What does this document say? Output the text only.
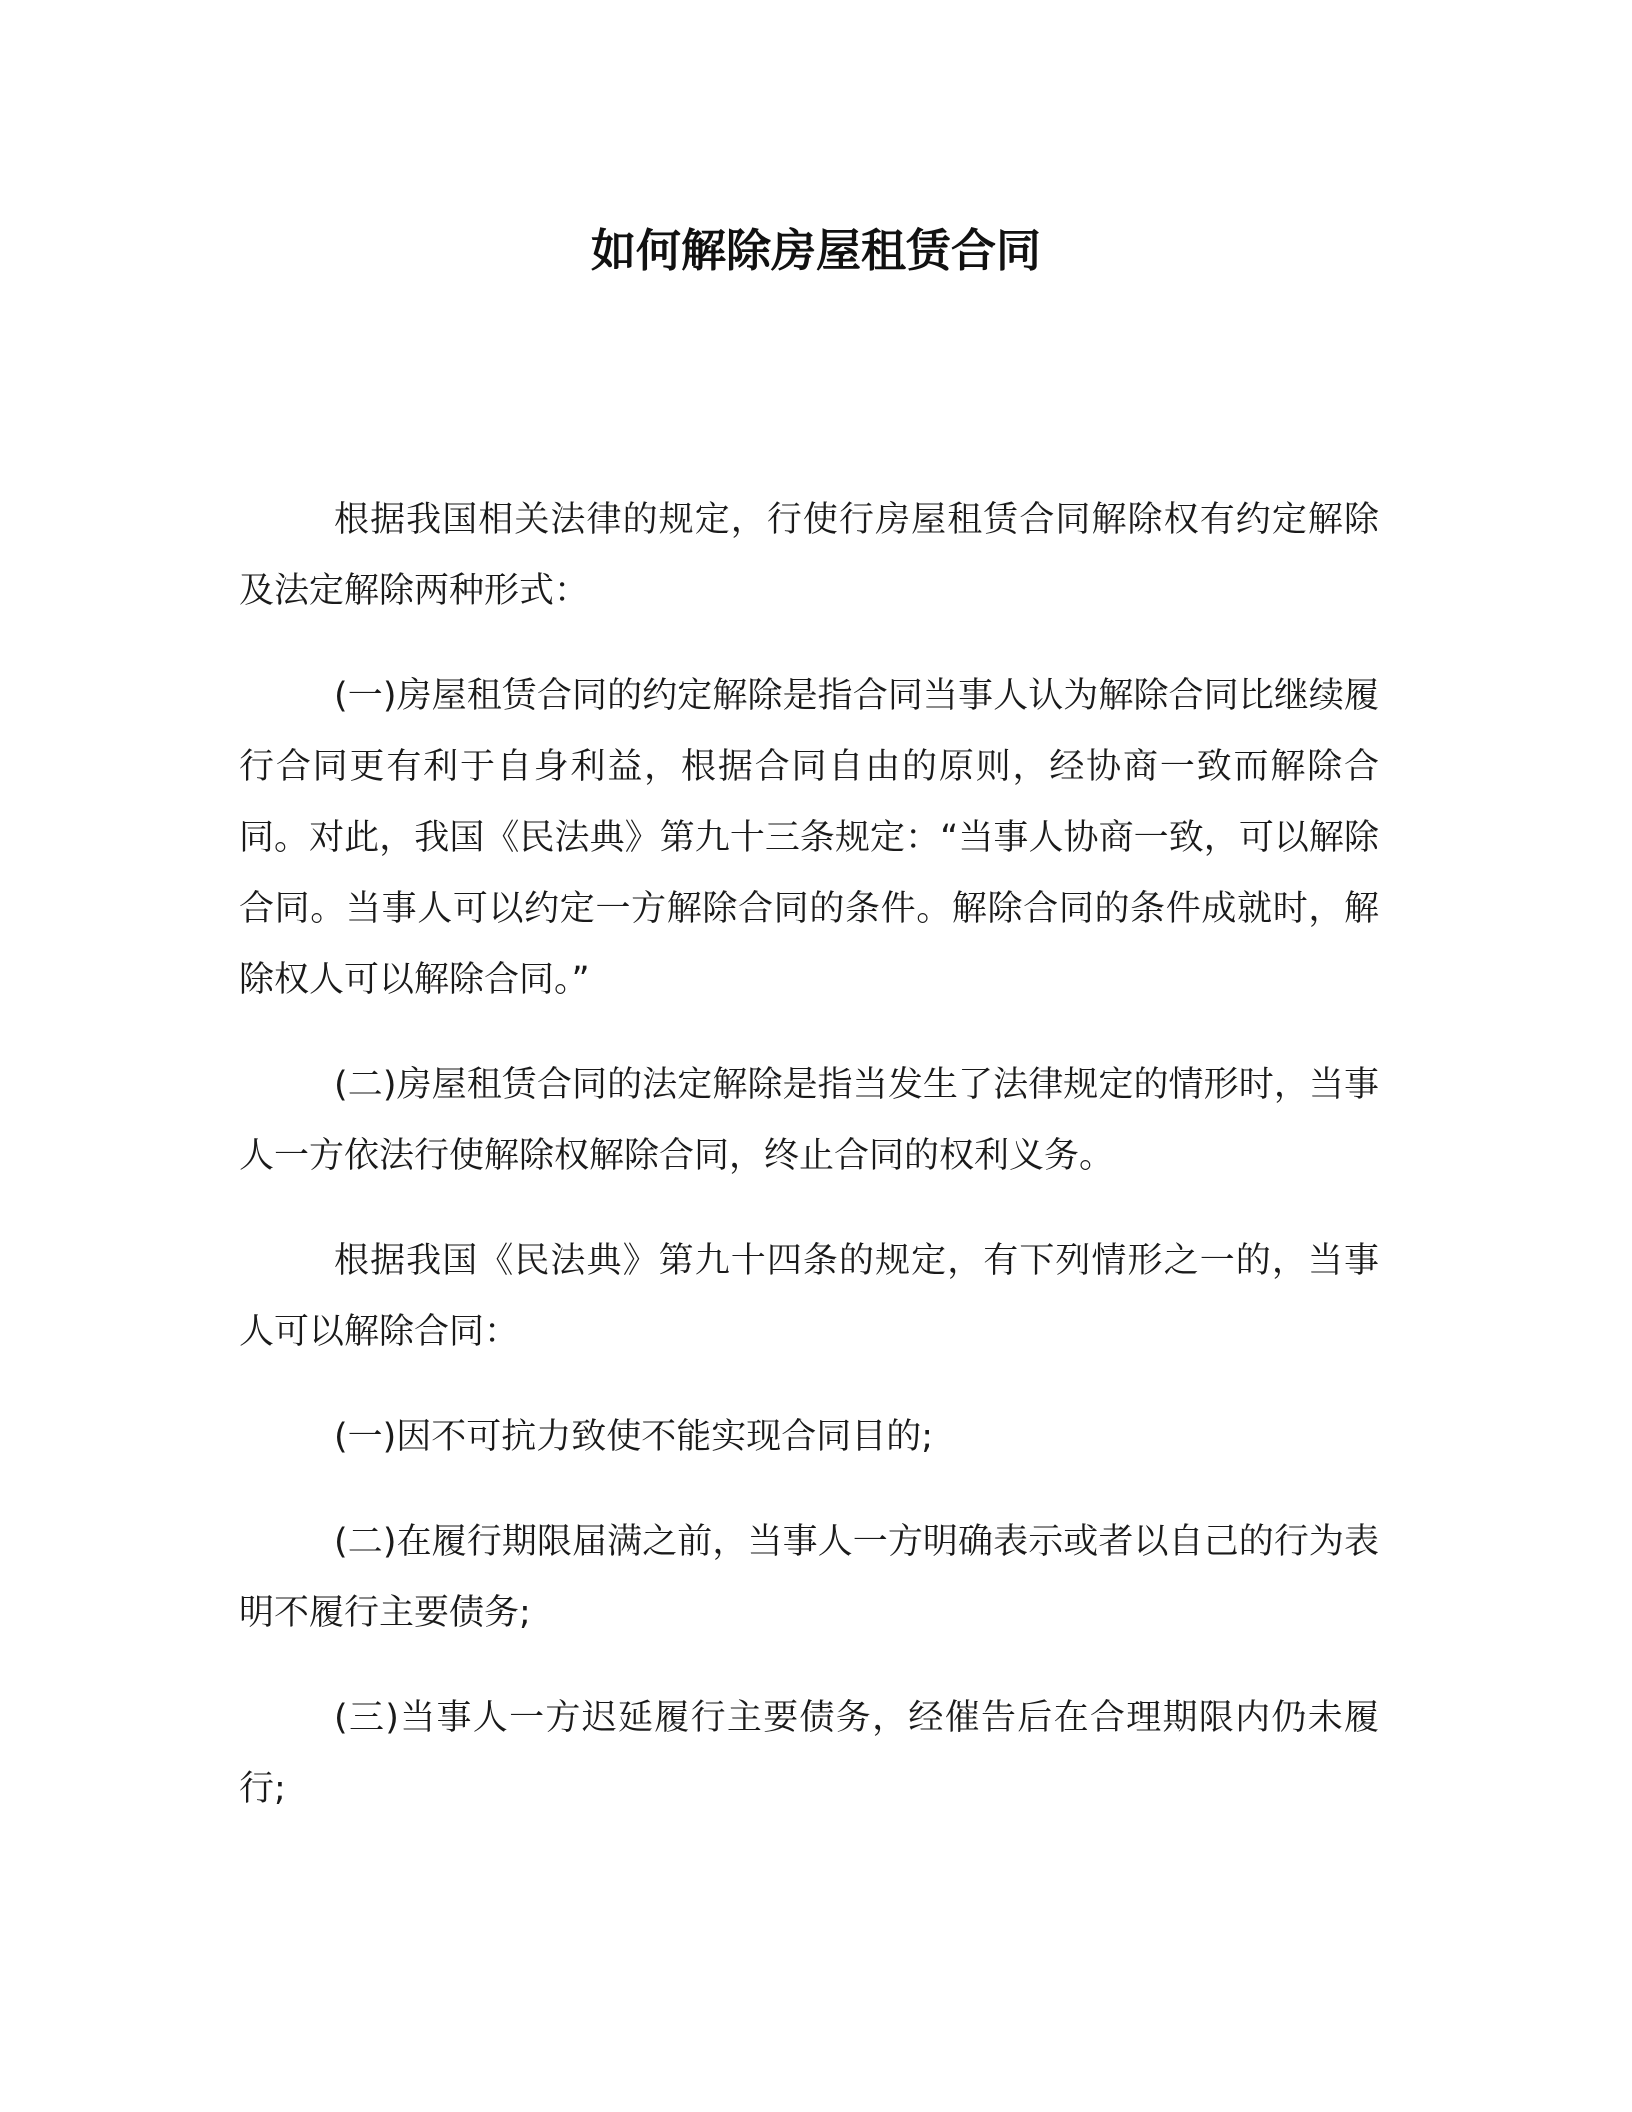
如何解除房屋租赁合同

根据我国相关法律的规定，行使行房屋租赁合同解除权有约定解除及法定解除两种形式：

(一)房屋租赁合同的约定解除是指合同当事人认为解除合同比继续履行合同更有利于自身利益，根据合同自由的原则，经协商一致而解除合同。对此，我国《民法典》第九十三条规定：“当事人协商一致，可以解除合同。当事人可以约定一方解除合同的条件。解除合同的条件成就时，解除权人可以解除合同。”

(二)房屋租赁合同的法定解除是指当发生了法律规定的情形时，当事人一方依法行使解除权解除合同，终止合同的权利义务。

根据我国《民法典》第九十四条的规定，有下列情形之一的，当事人可以解除合同：

(一)因不可抗力致使不能实现合同目的;

(二)在履行期限届满之前，当事人一方明确表示或者以自己的行为表明不履行主要债务;

(三)当事人一方迟延履行主要债务，经催告后在合理期限内仍未履行;
